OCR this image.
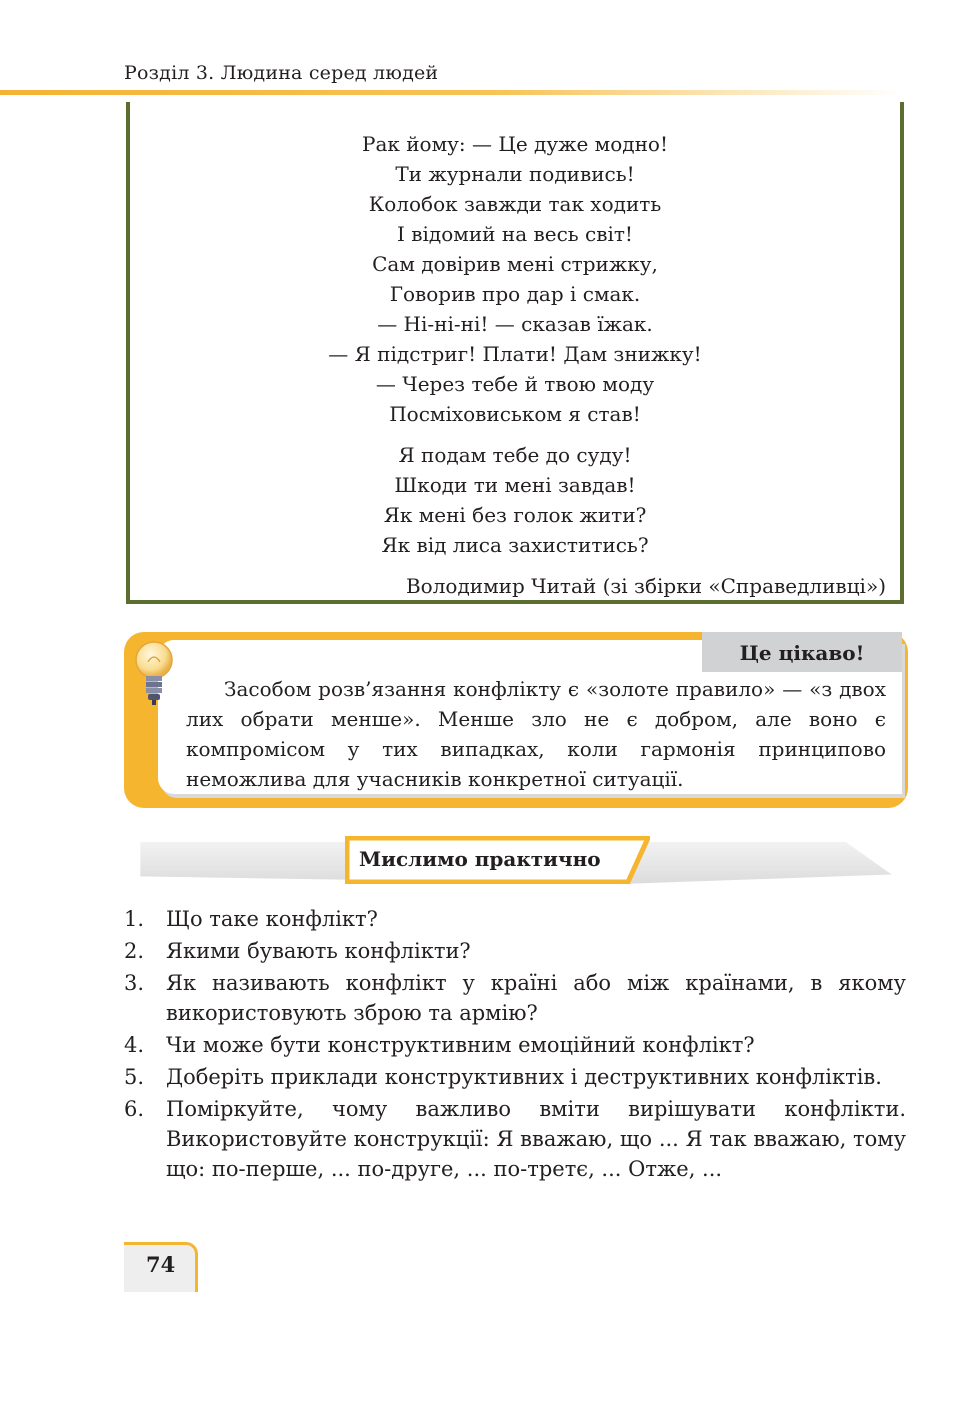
Розділ 3. Людина серед людей
Рак йому: — Це дуже модно!
Ти журнали подивись!
Колобок завжди так ходить
І відомий на весь світ!
Сам довірив мені стрижку,
Говорив про дар і смак.
— Ні-ні-ні! — сказав їжак.
— Я підстриг! Плати! Дам знижку!
— Через тебе й твою моду
Посміховиськом я став!
Я подам тебе до суду!
Шкоди ти мені завдав!
Як мені без голок жити?
Як від лиса захиститись?
Володимир Читай (зі збірки «Справедливці»)
Це цікаво!

Засобом розв’язання конфлікту є «золоте правило» — «з двох лих обрати менше». Менше зло не є добром, але воно є компромісом у тих випадках, коли гармонія принципово неможлива для учасників конкретної ситуації.

Мислимо практично
1. Що таке конфлікт?
2. Якими бувають конфлікти?
3. Як називають конфлікт у країні або між країнами, в якому використовують зброю та армію?
4. Чи може бути конструктивним емоційний конфлікт?
5. Доберіть приклади конструктивних і деструктивних конфліктів.
6. Поміркуйте, чому важливо вміти вирішувати конфлікти. Використовуйте конструкції: Я вважаю, що ... Я так вважаю, тому що: по-перше, ... по-друге, ... по-третє, ... Отже, ...
74
